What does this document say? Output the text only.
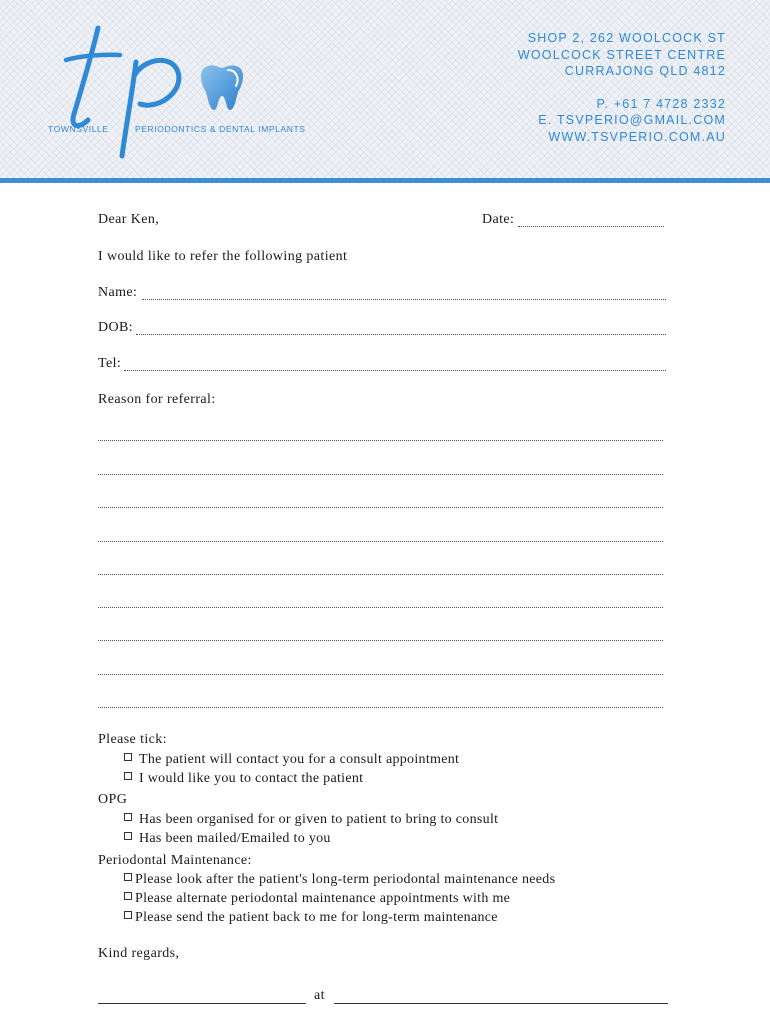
TOWNSVILLE	PERIODONTICS & DENTAL IMPLANTS
SHOP 2, 262 WOOLCOCK ST
WOOLCOCK STREET CENTRE
CURRAJONG QLD 4812
P. +61 7 4728 2332
E. TSVPERIO@GMAIL.COM
WWW.TSVPERIO.COM.AU
Dear Ken,	Date:
I would like to refer the following patient
Name:
DOB:
Tel:
Reason for referral:
Please tick:
The patient will contact you for a consult appointment
I would like you to contact the patient
OPG
Has been organised for or given to patient to bring to consult
Has been mailed/Emailed to you
Periodontal Maintenance:
Please look after the patient's long-term periodontal maintenance needs
Please alternate periodontal maintenance appointments with me
Please send the patient back to me for long-term maintenance
Kind regards,
at
